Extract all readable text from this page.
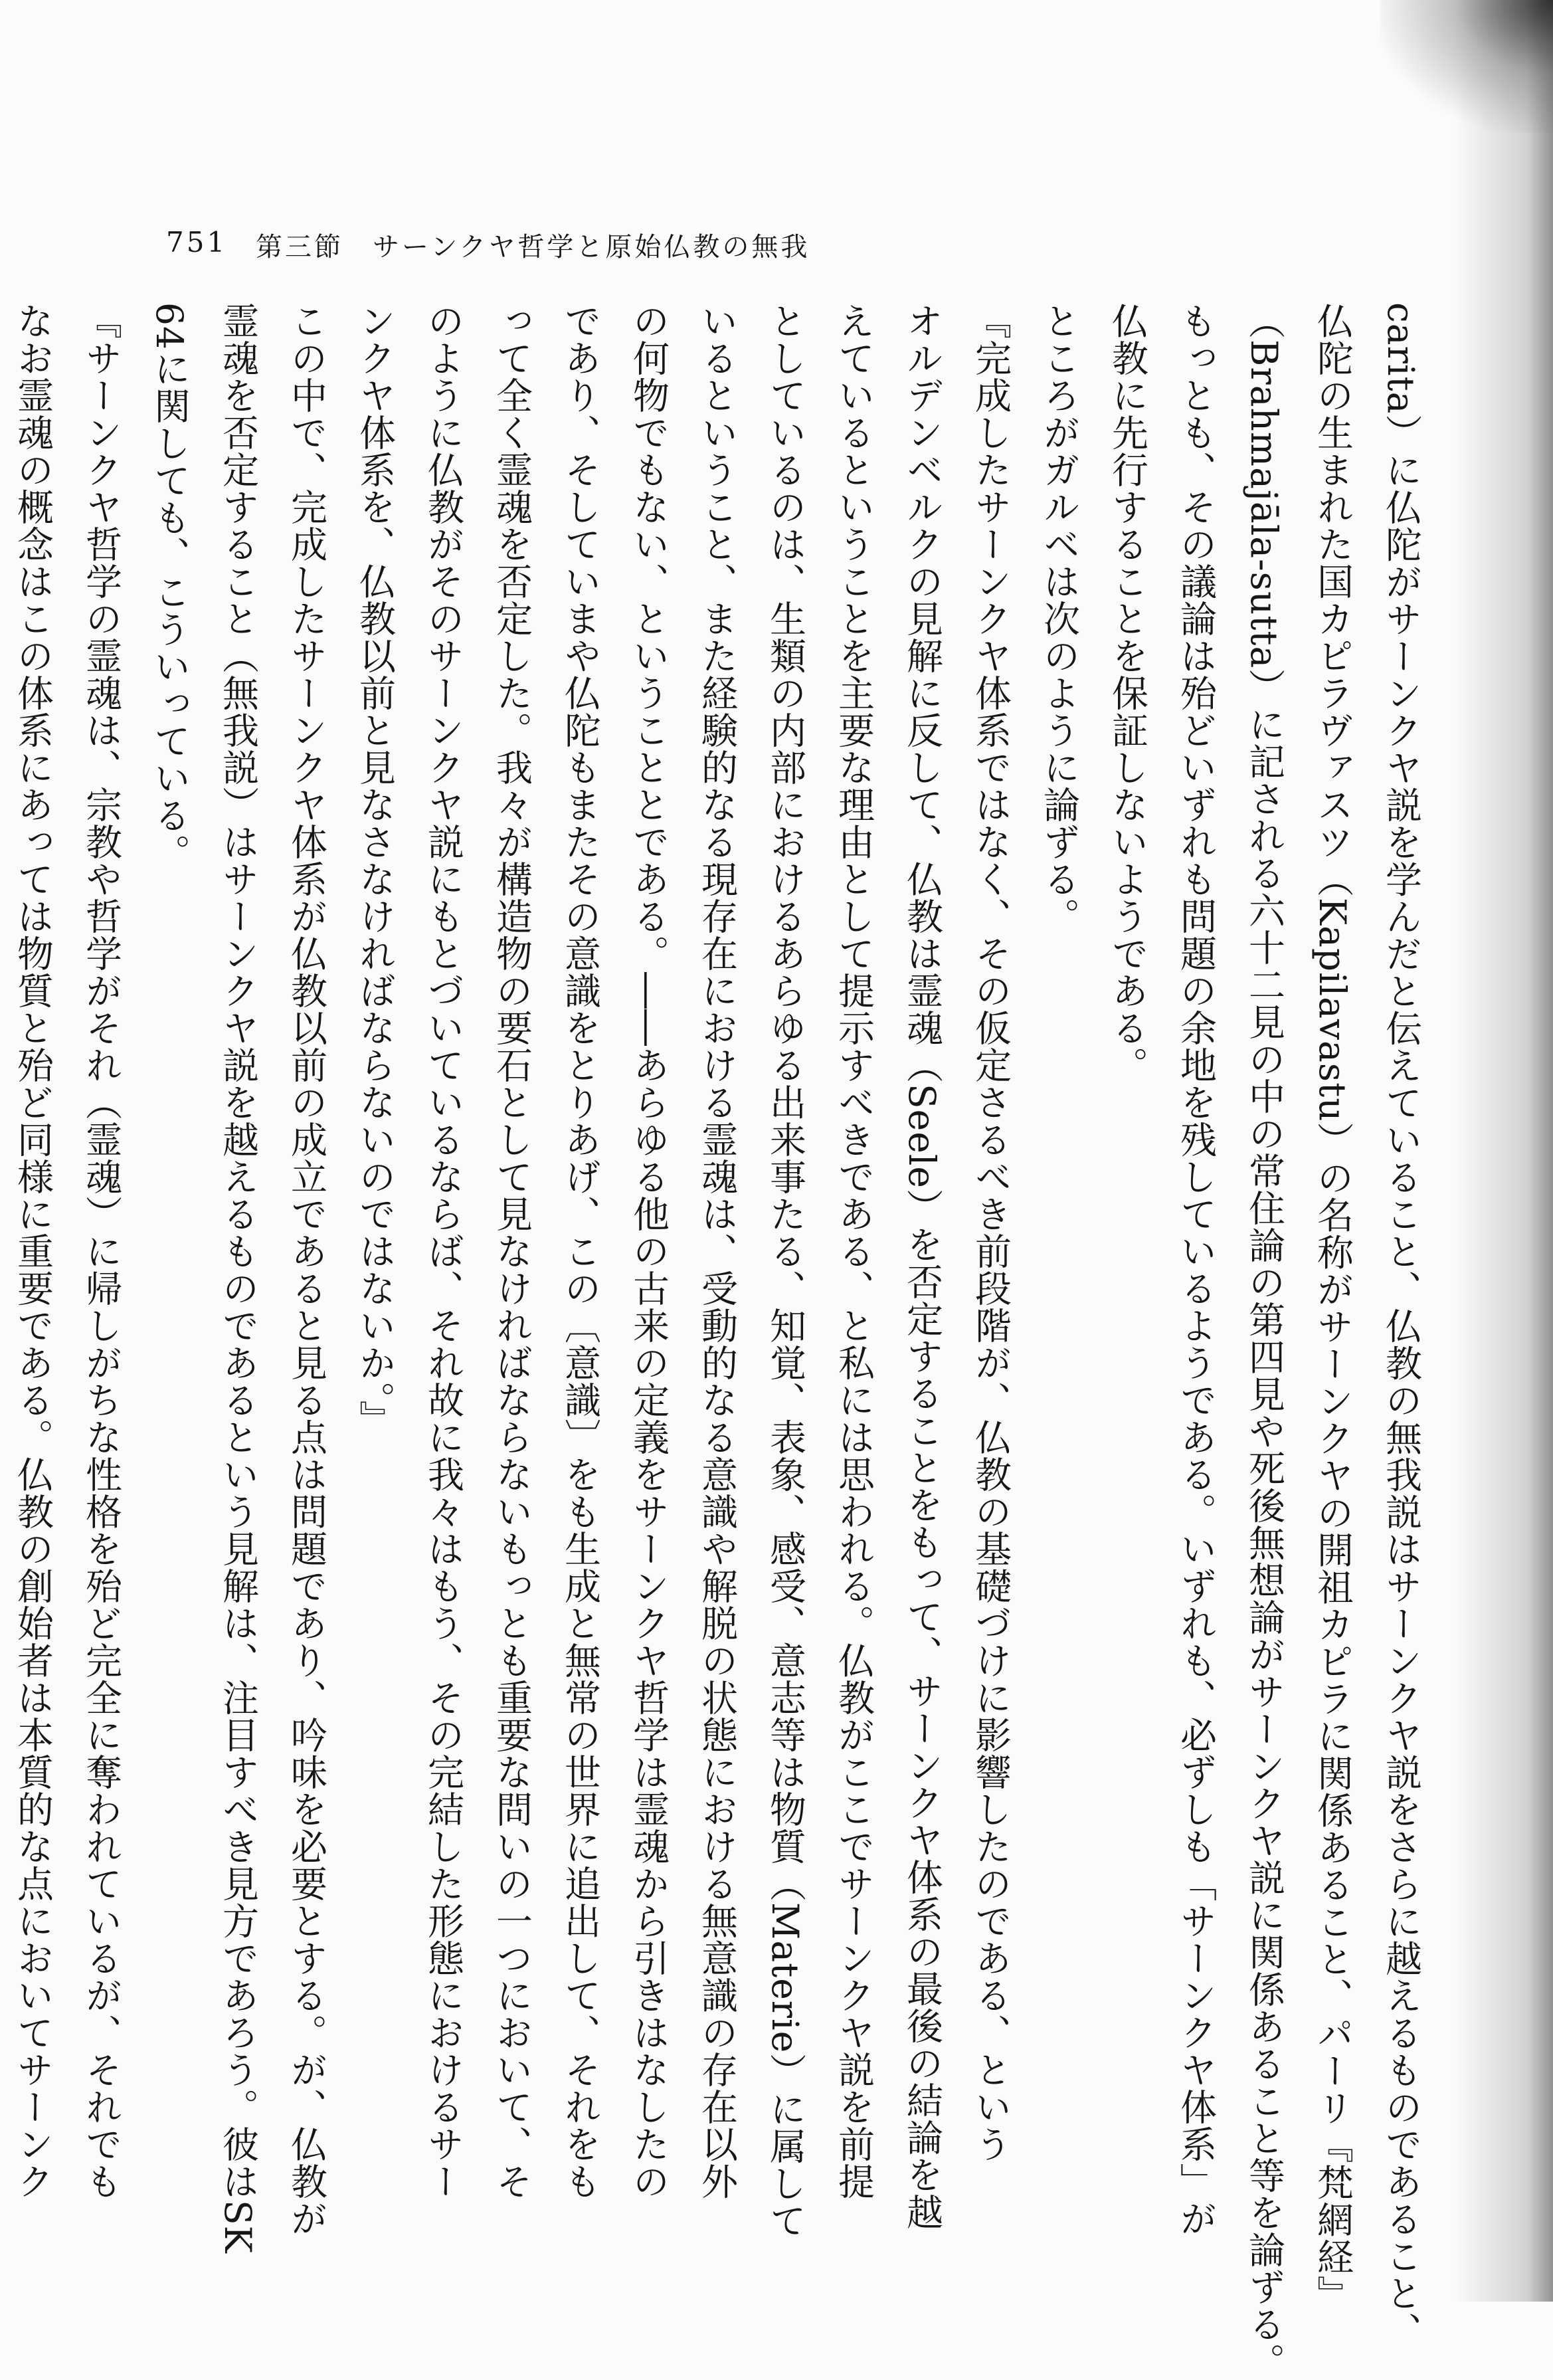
751 第三節　サーンクヤ哲学と原始仏教の無我
carita）に仏陀がサーンクヤ説を学んだと伝えていること、仏教の無我説はサーンクヤ説をさらに越えるものであること、
仏陀の生まれた国カピラヴァスツ（Kapilavastu）の名称がサーンクヤの開祖カピラに関係あること、パーリ『梵網経』
（Brahmajāla-sutta）に記される六十二見の中の常住論の第四見や死後無想論がサーンクヤ説に関係あること等を論ずる。
もっとも、その議論は殆どいずれも問題の余地を残しているようである。いずれも、必ずしも「サーンクヤ体系」が
仏教に先行することを保証しないようである。
ところがガルベは次のように論ずる。
『完成したサーンクヤ体系ではなく、その仮定さるべき前段階が、仏教の基礎づけに影響したのである、という
オルデンベルクの見解に反して、仏教は霊魂（Seele）を否定することをもって、サーンクヤ体系の最後の結論を越
えているということを主要な理由として提示すべきである、と私には思われる。仏教がここでサーンクヤ説を前提
としているのは、生類の内部におけるあらゆる出来事たる、知覚、表象、感受、意志等は物質（Materie）に属して
いるということ、また経験的なる現存在における霊魂は、受動的なる意識や解脱の状態における無意識の存在以外
の何物でもない、ということとである。――あらゆる他の古来の定義をサーンクヤ哲学は霊魂から引きはなしたの
であり、そしていまや仏陀もまたその意識をとりあげ、この〔意識〕をも生成と無常の世界に追出して、それをも
って全く霊魂を否定した。我々が構造物の要石として見なければならないもっとも重要な問いの一つにおいて、そ
のように仏教がそのサーンクヤ説にもとづいているならば、それ故に我々はもう、その完結した形態におけるサー
ンクヤ体系を、仏教以前と見なさなければならないのではないか。』
この中で、完成したサーンクヤ体系が仏教以前の成立であると見る点は問題であり、吟味を必要とする。が、仏教が
霊魂を否定すること（無我説）はサーンクヤ説を越えるものであるという見解は、注目すべき見方であろう。彼はSK
64に関しても、こういっている。
『サーンクヤ哲学の霊魂は、宗教や哲学がそれ（霊魂）に帰しがちな性格を殆ど完全に奪われているが、それでも
なお霊魂の概念はこの体系にあっては物質と殆ど同様に重要である。仏教の創始者は本質的な点においてサーンク
